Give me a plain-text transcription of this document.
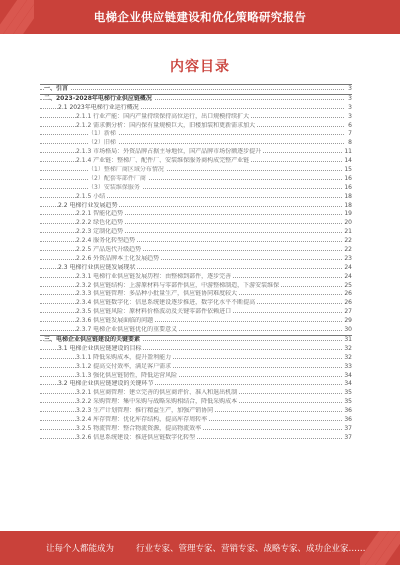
电梯企业供应链建设和优化策略研究报告
内容目录
一、引言	3
二、2023-2028年电梯行业供应链概况	3
2.1 2023年电梯行业运行概况	3
2.1.1 行业产能：国内产量持续保持高位运行，出口规模持续扩大	3
2.1.2 需求侧分析：国内保有量规模巨大，旧楼加装和更新需求加大	6
（1）新梯	7
（2）旧梯	8
2.1.3 市场格局：外资品牌占据主导地位，国产品牌市场份额逐步提升	11
2.1.4 产业链：整梯厂、配件厂、安装维保服务商构成完整产业链	14
（1）整梯厂商区域分布情况	15
（2）配套零部件厂商	16
（3）安装维保服务	16
2.1.5 小结	18
2.2 电梯行业发展趋势	18
2.2.1 智能化趋势	19
2.2.2 绿色化趋势	20
2.2.3 定制化趋势	21
2.2.4 服务化转型趋势	22
2.2.5 产品迭代升级趋势	22
2.2.6 外资品牌本土化发展趋势	23
2.3 电梯行业供应链发展现状	24
2.3.1 电梯行业供应链发展历程：由整梯到部件，逐步完善	24
2.3.2 供应链结构：上游原材料与零部件供应，中游整梯制造，下游安装维保	25
2.3.3 供应链管理：多品种小批量生产，供应链协同难度较大	26
2.3.4 供应链数字化：信息系统建设逐步推进，数字化水平不断提高	26
2.3.5 供应链风险：原材料价格波动及关键零部件依赖进口	27
2.3.6 供应链发展面临的问题	29
2.3.7 电梯企业供应链优化的重要意义	30
三、电梯企业供应链建设的关键要素	31
3.1 电梯企业供应链建设的目标	32
3.1.1 降低采购成本，提升盈利能力	32
3.1.2 提高交付效率，满足客户需求	33
3.1.3 强化供应链韧性，降低运营风险	34
3.2 电梯企业供应链建设的关键环节	34
3.2.1 供应商管理：建立完善的供应商评价、准入和退出机制	35
3.2.2 采购管理：集中采购与战略采购相结合，降低采购成本	35
3.2.3 生产计划管理：推行精益生产，加强产销协同	36
3.2.4 库存管理：优化库存结构，提高库存周转率	36
3.2.5 物流管理：整合物流资源，提高物流效率	37
3.2.6 信息系统建设：推进供应链数字化转型	37
让每个人都能成为	行业专家、管理专家、营销专家、战略专家、成功企业家……
